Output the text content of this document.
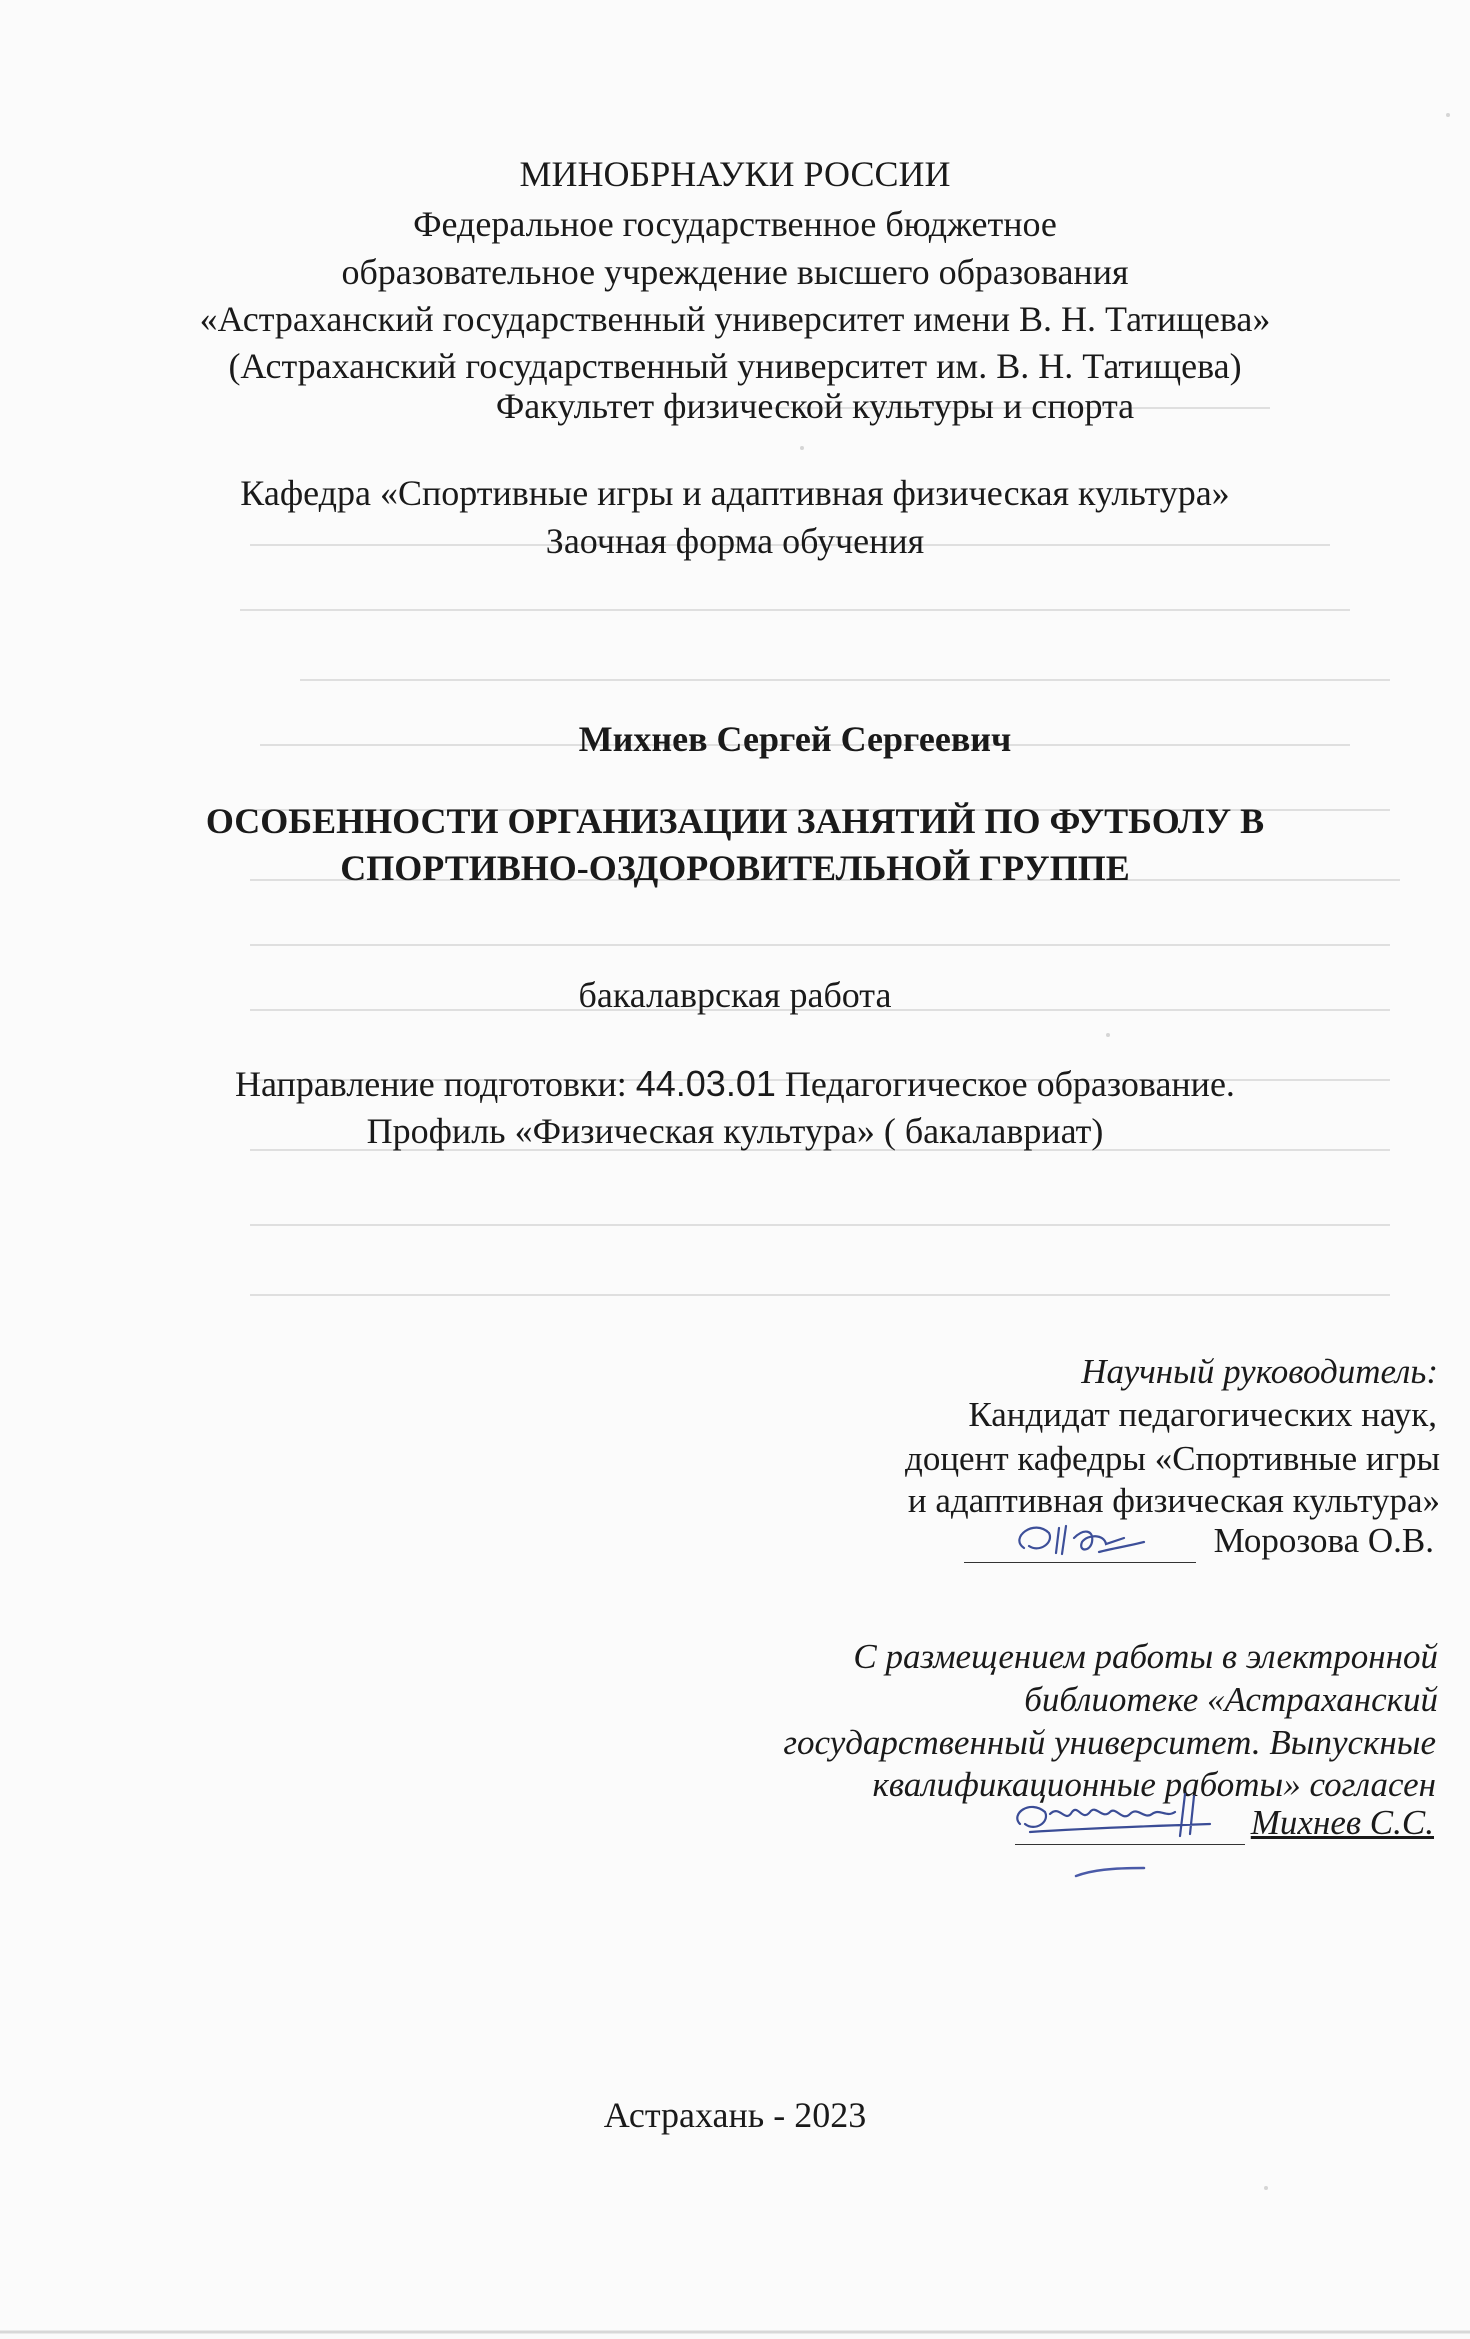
МИНОБРНАУКИ РОССИИ
Федеральное государственное бюджетное
образовательное учреждение высшего образования
«Астраханский государственный университет имени В. Н. Татищева»
(Астраханский государственный университет им. В. Н. Татищева)
Факультет физической культуры и спорта
Кафедра «Спортивные игры и адаптивная физическая культура»
Заочная форма обучения
Михнев Сергей Сергеевич
ОСОБЕННОСТИ ОРГАНИЗАЦИИ ЗАНЯТИЙ ПО ФУТБОЛУ В
СПОРТИВНО-ОЗДОРОВИТЕЛЬНОЙ ГРУППЕ
бакалаврская работа
Направление подготовки: 44.03.01 Педагогическое образование.
Профиль «Физическая культура» ( бакалавриат)
Научный руководитель:
Кандидат педагогических наук,
доцент кафедры «Спортивные игры
и адаптивная физическая культура»
Морозова О.В.
С размещением работы в электронной
библиотеке «Астраханский
государственный университет. Выпускные
квалификационные работы» согласен
Михнев С.С.
Астрахань - 2023
